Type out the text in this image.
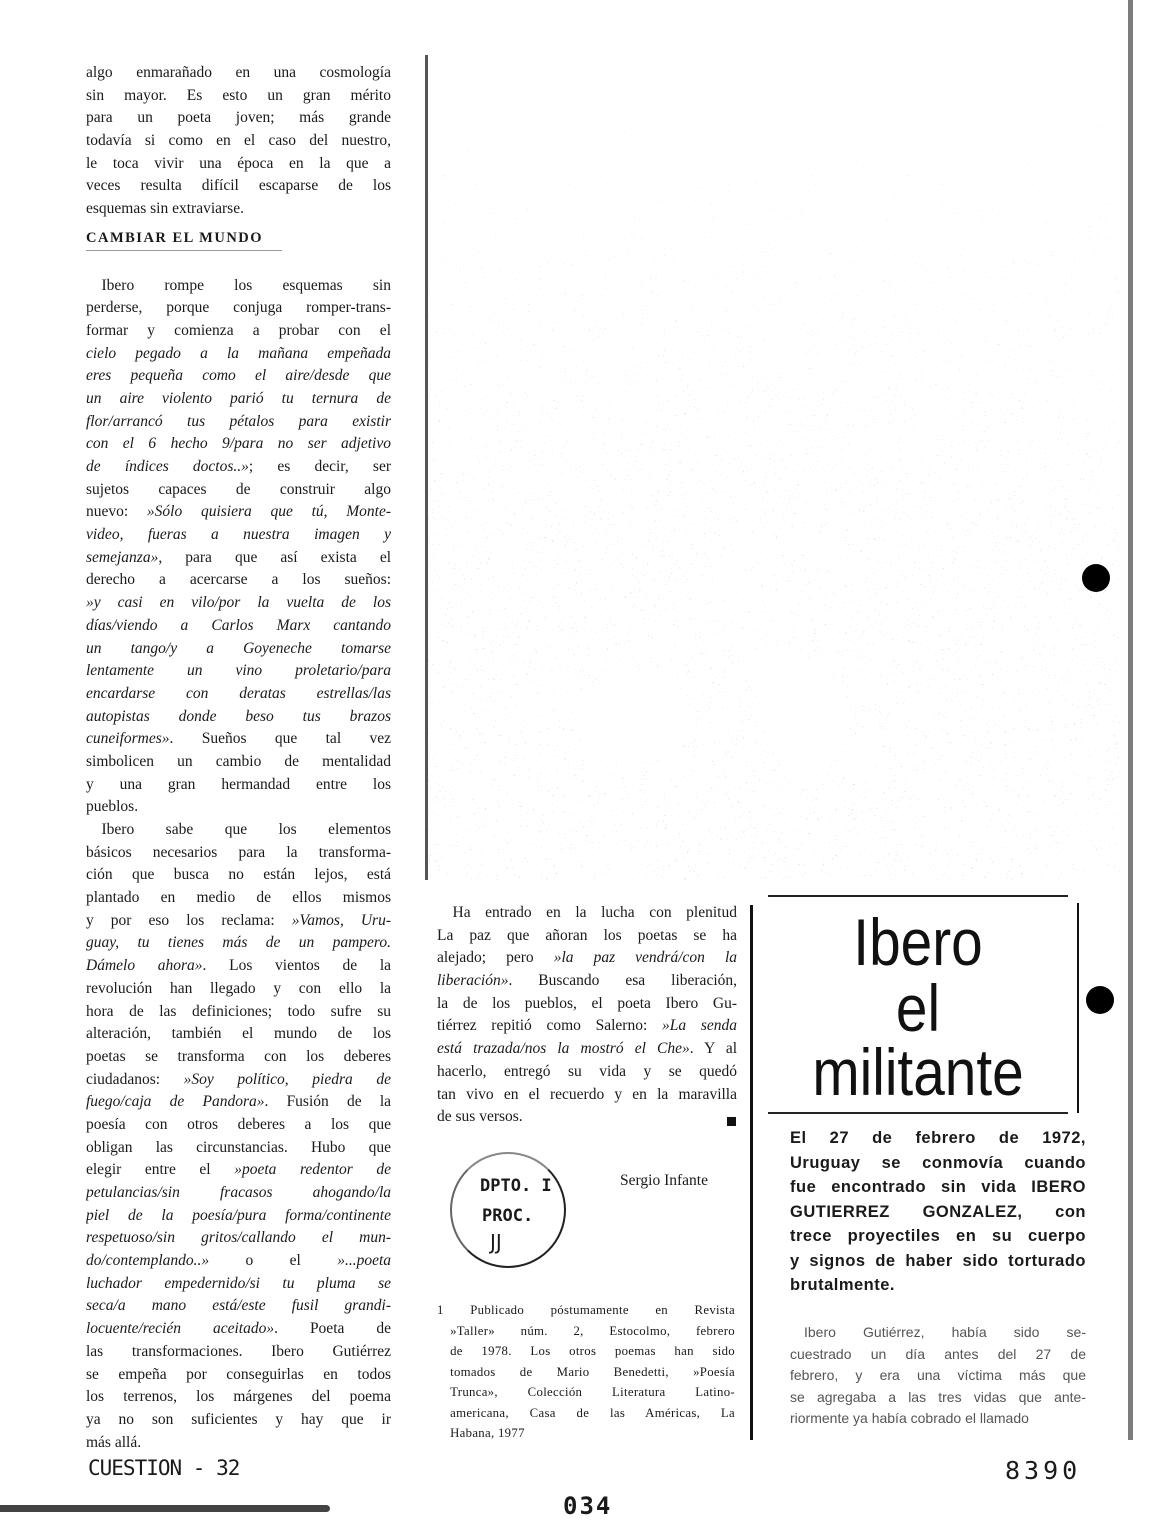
algo enmarañado en una cosmología
sin mayor. Es esto un gran mérito
para un poeta joven; más grande
todavía si como en el caso del nuestro,
le toca vivir una época en la que a
veces resulta difícil escaparse de los
esquemas sin extraviarse.
CAMBIAR EL MUNDO
 Ibero rompe los esquemas sin
perderse, porque conjuga romper-trans-
formar y comienza a probar con el
cielo pegado a la mañana empeñada
eres pequeña como el aire/desde que
un aire violento parió tu ternura de
flor/arrancó tus pétalos para existir
con el 6 hecho 9/para no ser adjetivo
de índices doctos..»; es decir, ser
sujetos capaces de construir algo
nuevo: »Sólo quisiera que tú, Monte-
video, fueras a nuestra imagen y
semejanza», para que así exista el
derecho a acercarse a los sueños:
»y casi en vilo/por la vuelta de los
días/viendo a Carlos Marx cantando
un tango/y a Goyeneche tomarse
lentamente un vino proletario/para
encardarse con deratas estrellas/las
autopistas donde beso tus brazos
cuneiformes». Sueños que tal vez
simbolicen un cambio de mentalidad
y una gran hermandad entre los
pueblos.
 Ibero sabe que los elementos
básicos necesarios para la transforma-
ción que busca no están lejos, está
plantado en medio de ellos mismos
y por eso los reclama: »Vamos, Uru-
guay, tu tienes más de un pampero.
Dámelo ahora». Los vientos de la
revolución han llegado y con ello la
hora de las definiciones; todo sufre su
alteración, también el mundo de los
poetas se transforma con los deberes
ciudadanos: »Soy político, piedra de
fuego/caja de Pandora». Fusión de la
poesía con otros deberes a los que
obligan las circunstancias. Hubo que
elegir entre el »poeta redentor de
petulancias/sin fracasos ahogando/la
piel de la poesía/pura forma/continente
respetuoso/sin gritos/callando el mun-
do/contemplando..» o el »...poeta
luchador empedernido/si tu pluma se
seca/a mano está/este fusil grandi-
locuente/recién aceitado». Poeta de
las transformaciones. Ibero Gutiérrez
se empeña por conseguirlas en todos
los terrenos, los márgenes del poema
ya no son suficientes y hay que ir
más allá.
 Ha entrado en la lucha con plenitud
La paz que añoran los poetas se ha
alejado; pero »la paz vendrá/con la
liberación». Buscando esa liberación,
la de los pueblos, el poeta Ibero Gu-
tiérrez repitió como Salerno: »La senda
está trazada/nos la mostró el Che». Y al
hacerlo, entregó su vida y se quedó
tan vivo en el recuerdo y en la maravilla
de sus versos.
Sergio Infante
1 Publicado póstumamente en Revista
 »Taller» núm. 2, Estocolmo, febrero
 de 1978. Los otros poemas han sido
 tomados de Mario Benedetti, »Poesía
 Trunca», Colección Literatura Latino-
 americana, Casa de las Américas, La
 Habana, 1977
DPTO. I
PROC.
JJ
Ibero
el
militante
El 27 de febrero de 1972,
Uruguay se conmovía cuando
fue encontrado sin vida IBERO
GUTIERREZ GONZALEZ, con
trece proyectiles en su cuerpo
y signos de haber sido torturado
brutalmente.
 Ibero Gutiérrez, había sido se-
cuestrado un día antes del 27 de
febrero, y era una víctima más que
se agregaba a las tres vidas que ante-
riormente ya había cobrado el llamado
CUESTION - 32
034
8390
